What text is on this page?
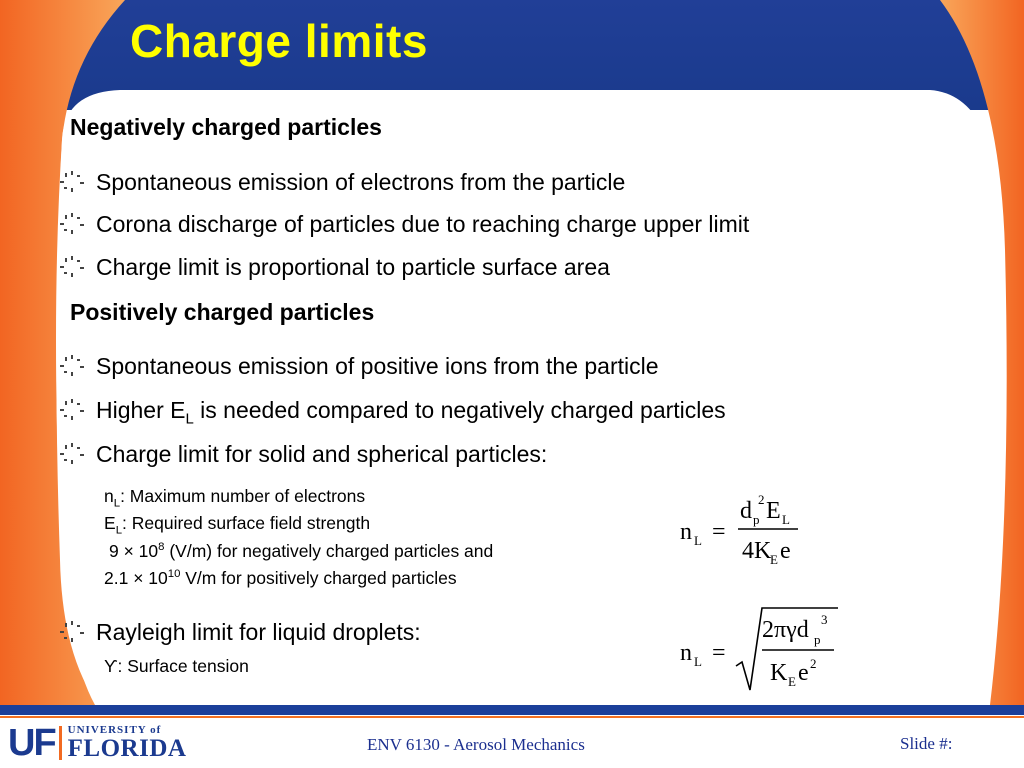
Charge limits
Negatively charged particles
Spontaneous emission of electrons from the particle
Corona discharge of particles due to reaching charge upper limit
Charge limit is proportional to particle surface area
Positively charged particles
Spontaneous emission of positive ions from the particle
Higher $E_L$ is needed compared to negatively charged particles
Charge limit for solid and spherical particles:
$n_L$: Maximum number of electrons
$E_L$: Required surface field strength
$9 \times 10^8$ (V/m) for negatively charged particles and
$2.1 \times 10^{10}$ V/m for positively charged particles
n L =
d p
2 E L
4K
E e
Rayleigh limit for liquid droplets:
ϒ: Surface tension	n L =
2πγd p
3
K E e 2
UF UNIVERSITY of
FLORIDA	ENV 6130 - Aerosol Mechanics	Slide #:
